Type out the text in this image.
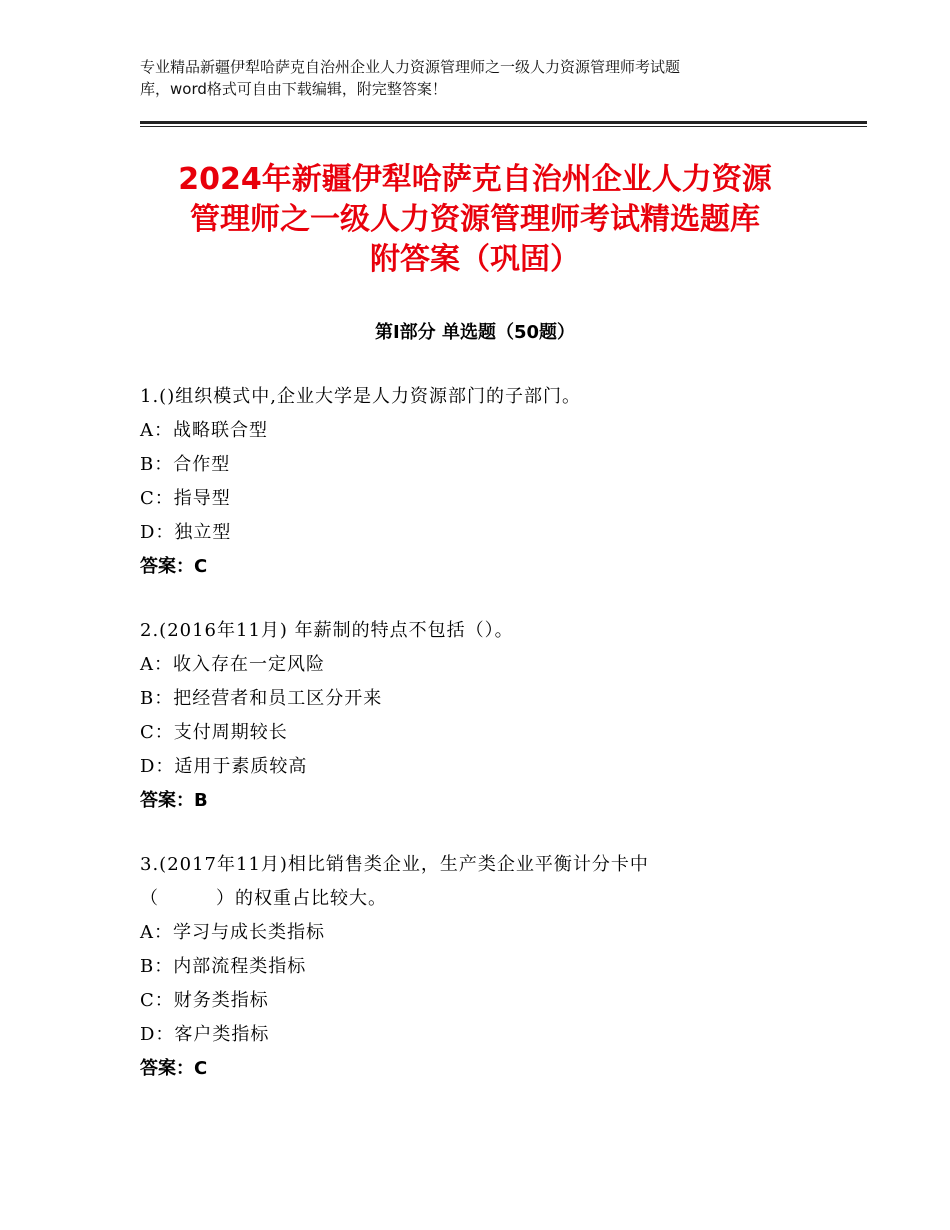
专业精品新疆伊犁哈萨克自治州企业人力资源管理师之一级人力资源管理师考试题
库，word格式可自由下载编辑，附完整答案！
2024年新疆伊犁哈萨克自治州企业人力资源
管理师之一级人力资源管理师考试精选题库
附答案（巩固）
第Ⅰ部分 单选题（50题）
1.()组织模式中,企业大学是人力资源部门的子部门。
A：战略联合型
B：合作型
C：指导型
D：独立型
答案：C
2.(2016年11月) 年薪制的特点不包括（）。
A：收入存在一定风险
B：把经营者和员工区分开来
C：支付周期较长
D：适用于素质较高
答案：B
3.(2017年11月)相比销售类企业，生产类企业平衡计分卡中
（　　　）的权重占比较大。
A：学习与成长类指标
B：内部流程类指标
C：财务类指标
D：客户类指标
答案：C
